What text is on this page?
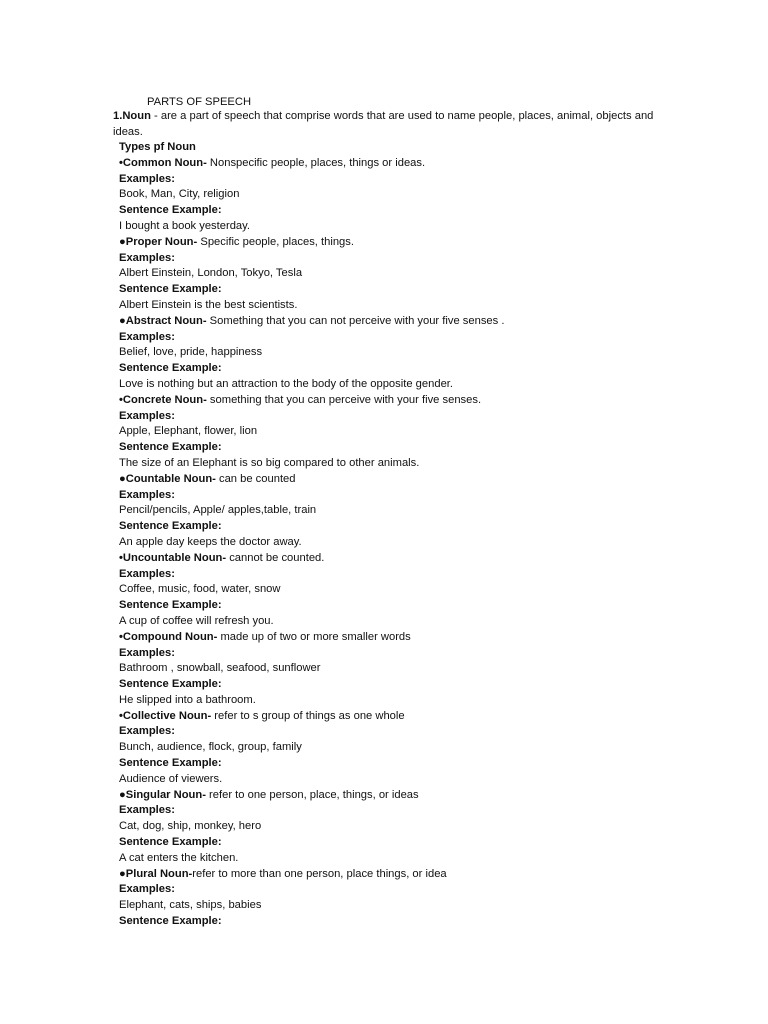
PARTS OF SPEECH
1.Noun - are a part of speech that comprise words that are used to name people, places, animal, objects and ideas.
Types pf Noun
•Common Noun- Nonspecific people, places, things or ideas.
Examples:
Book, Man, City, religion
Sentence Example:
I bought a book yesterday.
●Proper Noun- Specific people, places, things.
Examples:
Albert Einstein, London, Tokyo, Tesla
Sentence Example:
Albert Einstein is the best scientists.
●Abstract Noun- Something that you can not perceive with your five senses .
Examples:
Belief, love, pride, happiness
Sentence Example:
Love is nothing but an attraction to the body of the opposite gender.
•Concrete Noun- something that you can perceive with your five senses.
Examples:
Apple, Elephant, flower, lion
Sentence Example:
The size of an Elephant is so big compared to other animals.
●Countable Noun- can be counted
Examples:
Pencil/pencils, Apple/ apples,table, train
Sentence Example:
An apple day keeps the doctor away.
•Uncountable Noun- cannot be counted.
Examples:
Coffee, music, food, water, snow
Sentence Example:
A cup of coffee will refresh you.
•Compound Noun- made up of two or more smaller words
Examples:
Bathroom , snowball, seafood, sunflower
Sentence Example:
He slipped into a bathroom.
•Collective Noun- refer to s group of things as one whole
Examples:
Bunch, audience, flock, group, family
Sentence Example:
Audience of viewers.
●Singular Noun- refer to one person, place, things, or ideas
Examples:
Cat, dog, ship, monkey, hero
Sentence Example:
A cat enters the kitchen.
●Plural Noun-refer to more than one person, place things, or idea
Examples:
Elephant, cats, ships, babies
Sentence Example:
